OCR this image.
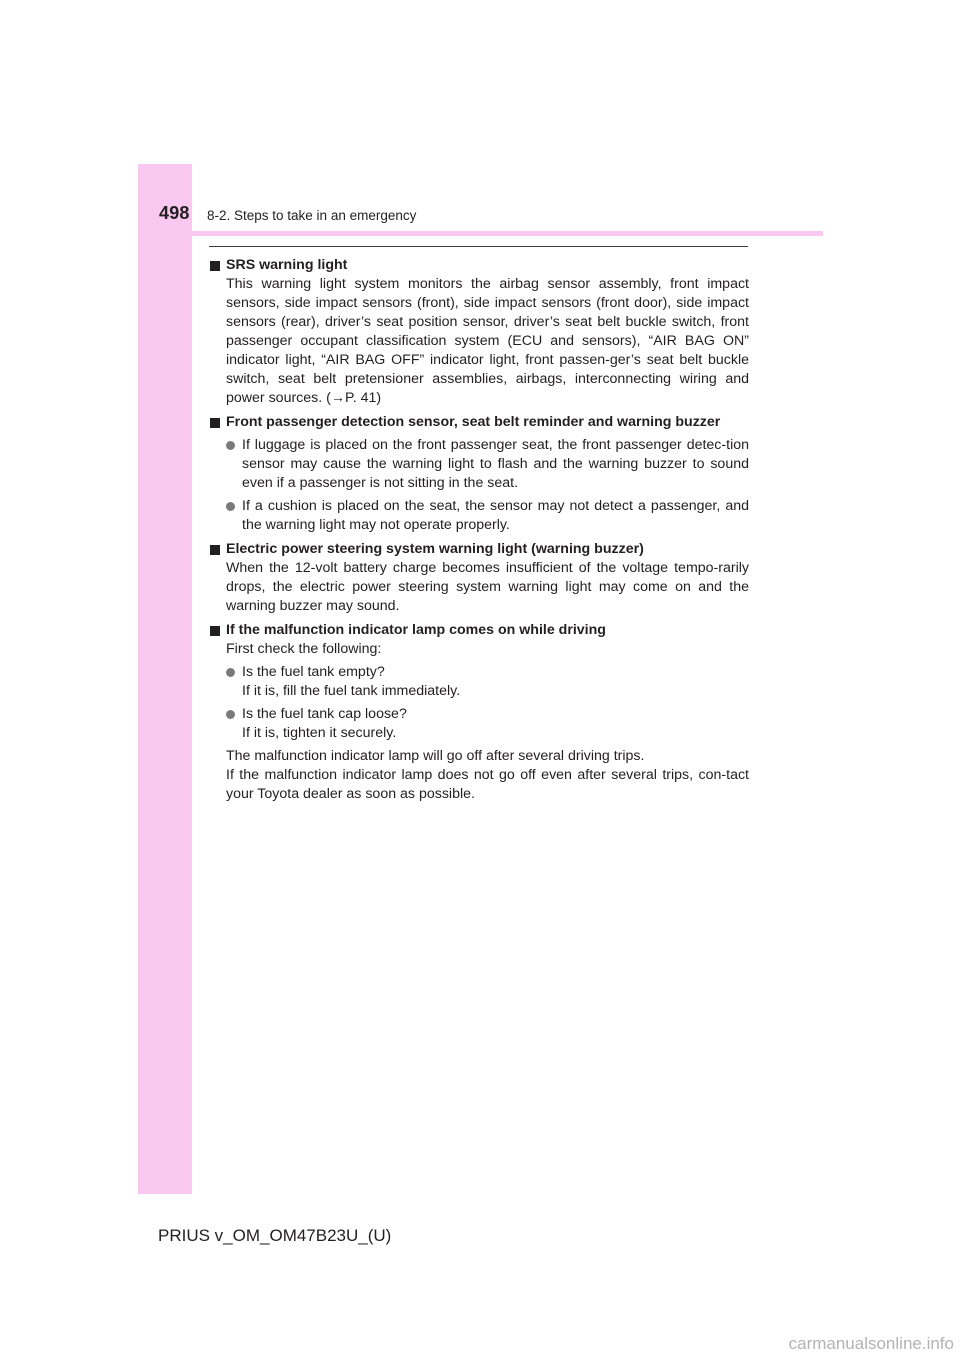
498 8-2. Steps to take in an emergency
SRS warning light
This warning light system monitors the airbag sensor assembly, front impact sensors, side impact sensors (front), side impact sensors (front door), side impact sensors (rear), driver’s seat position sensor, driver’s seat belt buckle switch, front passenger occupant classification system (ECU and sensors), “AIR BAG ON” indicator light, “AIR BAG OFF” indicator light, front passen-ger’s seat belt buckle switch, seat belt pretensioner assemblies, airbags, interconnecting wiring and power sources. (→P. 41)
Front passenger detection sensor, seat belt reminder and warning buzzer
If luggage is placed on the front passenger seat, the front passenger detec-tion sensor may cause the warning light to flash and the warning buzzer to sound even if a passenger is not sitting in the seat.
If a cushion is placed on the seat, the sensor may not detect a passenger, and the warning light may not operate properly.
Electric power steering system warning light (warning buzzer)
When the 12-volt battery charge becomes insufficient of the voltage tempo-rarily drops, the electric power steering system warning light may come on and the warning buzzer may sound.
If the malfunction indicator lamp comes on while driving
First check the following:
Is the fuel tank empty?
If it is, fill the fuel tank immediately.
Is the fuel tank cap loose?
If it is, tighten it securely.
The malfunction indicator lamp will go off after several driving trips.
If the malfunction indicator lamp does not go off even after several trips, con-tact your Toyota dealer as soon as possible.
PRIUS v_OM_OM47B23U_(U)
carmanualsonline.info
